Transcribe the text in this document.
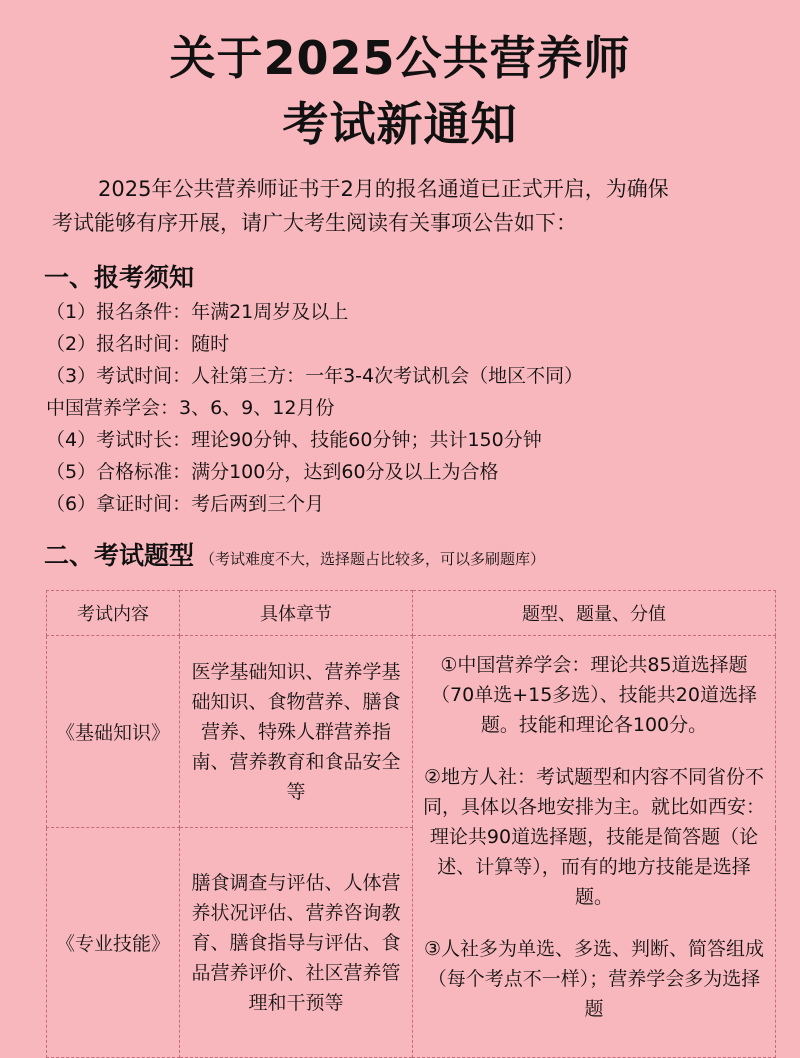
关于2025公共营养师
考试新通知
2025年公共营养师证书于2月的报名通道已正式开启，为确保
考试能够有序开展，请广大考生阅读有关事项公告如下：
一、报考须知
（1）报名条件：年满21周岁及以上
（2）报名时间：随时
（3）考试时间：人社第三方：一年3-4次考试机会（地区不同）
中国营养学会：3、6、9、12月份
（4）考试时长：理论90分钟、技能60分钟；共计150分钟
（5）合格标准：满分100分，达到60分及以上为合格
（6）拿证时间：考后两到三个月
二、考试题型 （考试难度不大，选择题占比较多，可以多刷题库）
考试内容	具体章节	题型、题量、分值
《基础知识》	医学基础知识、营养学基础知识、食物营养、膳食营养、特殊人群营养指南、营养教育和食品安全等	①中国营养学会：理论共85道选择题（70单选+15多选）、技能共20道选择题。技能和理论各100分。

②地方人社：考试题型和内容不同省份不同，具体以各地安排为主。就比如西安：理论共90道选择题，技能是简答题（论述、计算等），而有的地方技能是选择题。

③人社多为单选、多选、判断、简答组成（每个考点不一样）；营养学会多为选择题

《专业技能》	膳食调查与评估、人体营养状况评估、营养咨询教育、膳食指导与评估、食品营养评价、社区营养管理和干预等	
